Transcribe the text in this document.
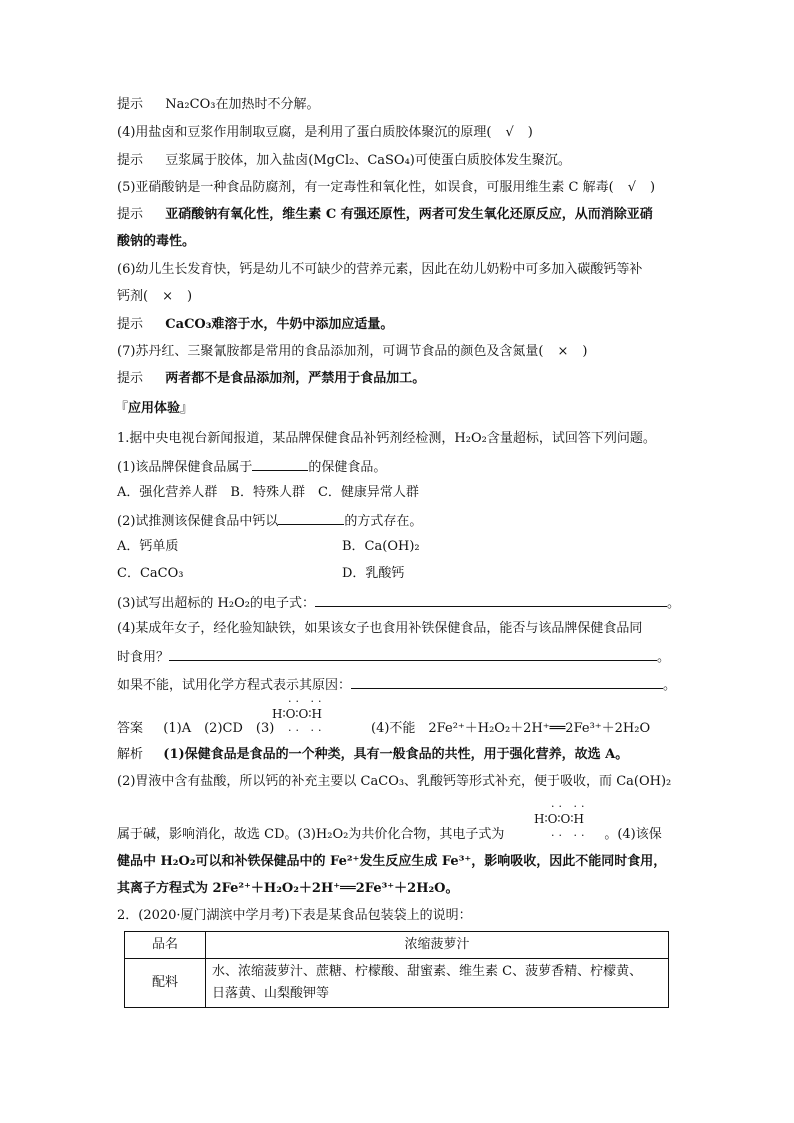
提示 Na₂CO₃在加热时不分解。
(4)用盐卤和豆浆作用制取豆腐，是利用了蛋白质胶体聚沉的原理( √ )
提示 豆浆属于胶体，加入盐卤(MgCl₂、CaSO₄)可使蛋白质胶体发生聚沉。
(5)亚硝酸钠是一种食品防腐剂，有一定毒性和氧化性，如误食，可服用维生素 C 解毒( √ )
提示 亚硝酸钠有氧化性，维生素 C 有强还原性，两者可发生氧化还原反应，从而消除亚硝
酸钠的毒性。
(6)幼儿生长发育快，钙是幼儿不可缺少的营养元素，因此在幼儿奶粉中可多加入碳酸钙等补
钙剂( × )
提示 CaCO₃难溶于水，牛奶中添加应适量。
(7)苏丹红、三聚氰胺都是常用的食品添加剂，可调节食品的颜色及含氮量( × )
提示 两者都不是食品添加剂，严禁用于食品加工。
『应用体验』
1.据中央电视台新闻报道，某品牌保健食品补钙剂经检测，H₂O₂含量超标，试回答下列问题。
(1)该品牌保健食品属于	的保健食品。
A．强化营养人群　B．特殊人群　C．健康异常人群
(2)试推测该保健食品中钙以	的方式存在。
A．钙单质	B．Ca(OH)₂
C．CaCO₃	D．乳酸钙
(3)试写出超标的 H₂O₂的电子式：	。
(4)某成年女子，经化验知缺铁，如果该女子也食用补铁保健食品，能否与该品牌保健食品同
时食用？	。
如果不能，试用化学方程式表示其原因：	。
答案 (1)A　(2)CD　(3)
·· ··
H∶O∶O∶H
·· ··	(4)不能　2Fe²⁺＋H₂O₂＋2H⁺══2Fe³⁺＋2H₂O
解析 (1)保健食品是食品的一个种类，具有一般食品的共性，用于强化营养，故选 A。
(2)胃液中含有盐酸，所以钙的补充主要以 CaCO₃、乳酸钙等形式补充，便于吸收，而 Ca(OH)₂
属于碱，影响消化，故选 CD。(3)H₂O₂为共价化合物，其电子式为	。(4)该保
·· ··
H∶O∶O∶H
·· ··
健品中 H₂O₂可以和补铁保健品中的 Fe²⁺发生反应生成 Fe³⁺，影响吸收，因此不能同时食用，
其离子方程式为 2Fe²⁺＋H₂O₂＋2H⁺══2Fe³⁺＋2H₂O。
2．(2020·厦门湖滨中学月考)下表是某食品包装袋上的说明：
品名	浓缩菠萝汁
配料	水、浓缩菠萝汁、蔗糖、柠檬酸、甜蜜素、维生素 C、菠萝香精、柠檬黄、
日落黄、山梨酸钾等
